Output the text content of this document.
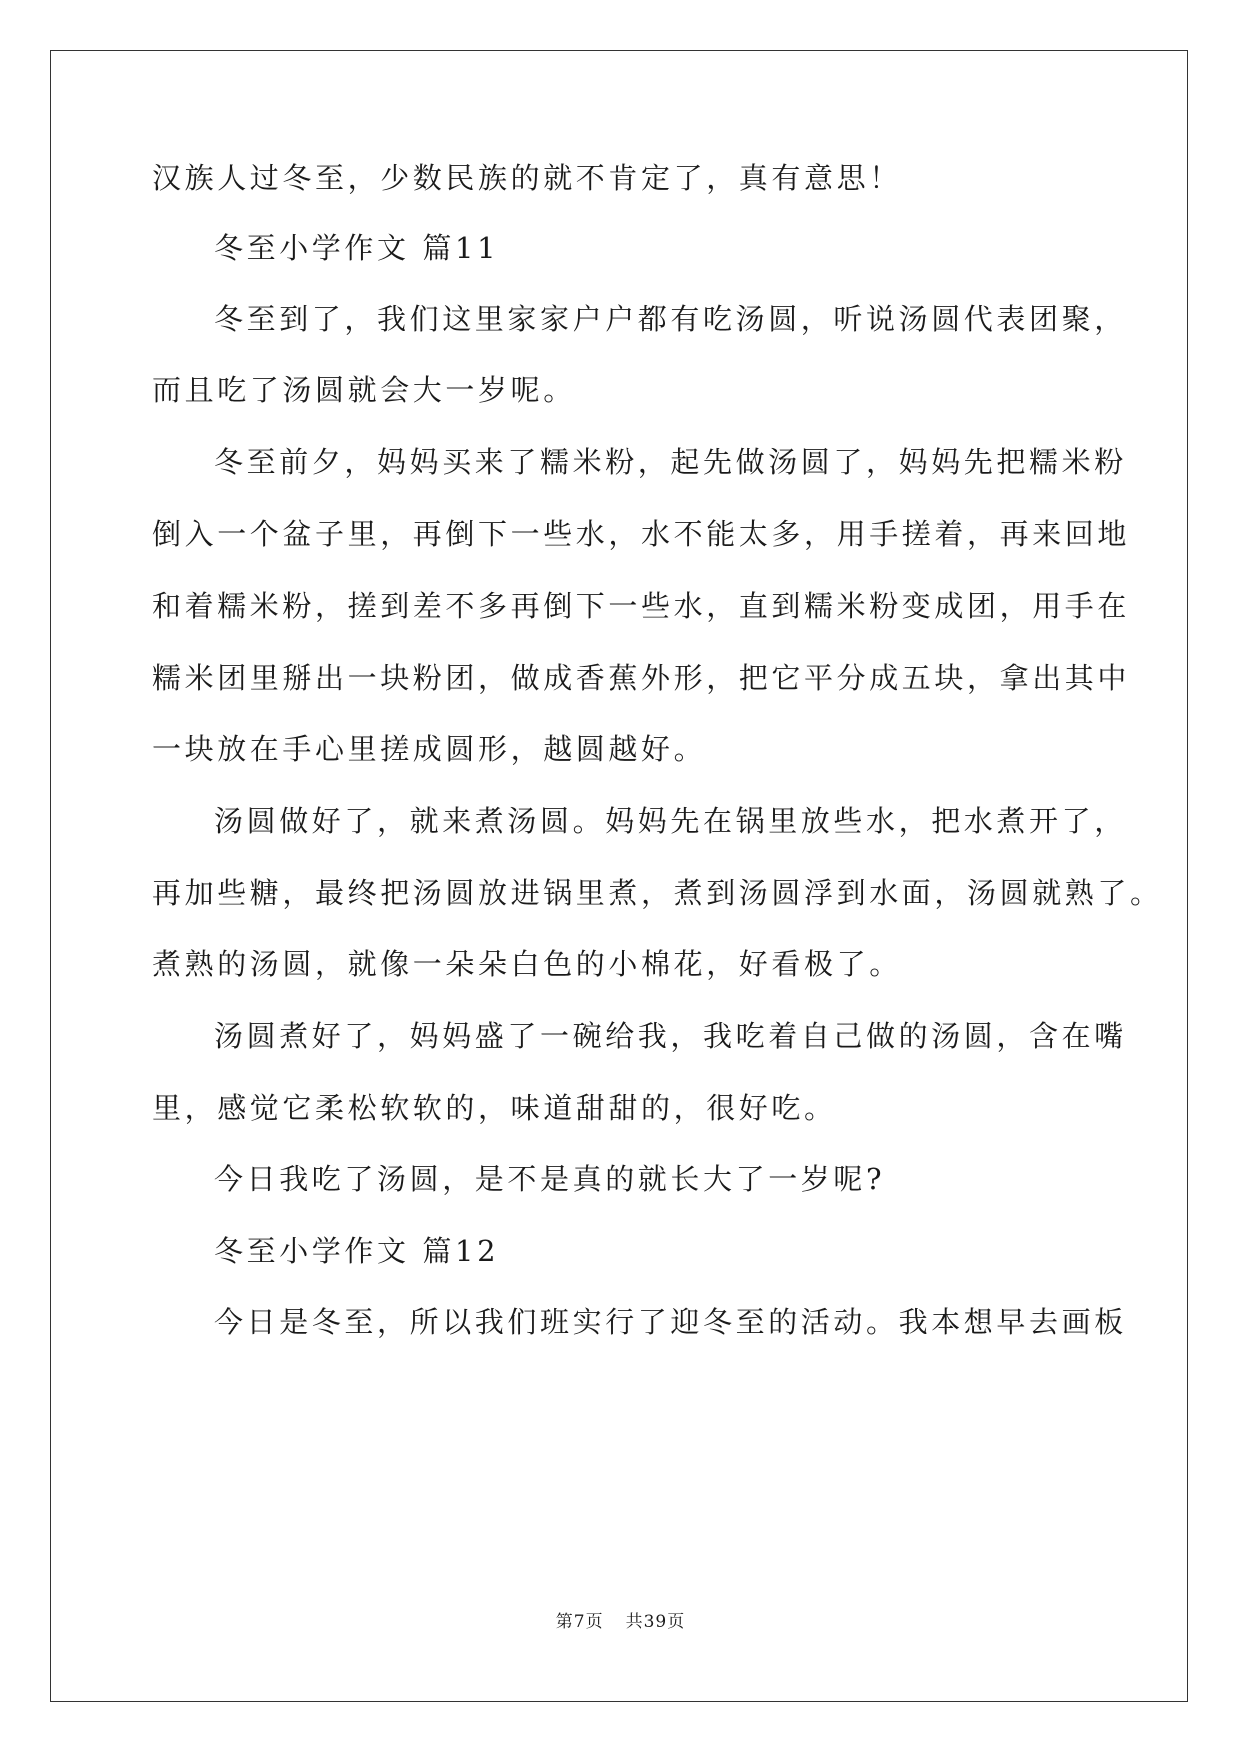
汉族人过冬至，少数民族的就不肯定了，真有意思！
冬至小学作文 篇11
冬至到了，我们这里家家户户都有吃汤圆，听说汤圆代表团聚，
而且吃了汤圆就会大一岁呢。
冬至前夕，妈妈买来了糯米粉，起先做汤圆了，妈妈先把糯米粉
倒入一个盆子里，再倒下一些水，水不能太多，用手搓着，再来回地
和着糯米粉，搓到差不多再倒下一些水，直到糯米粉变成团，用手在
糯米团里掰出一块粉团，做成香蕉外形，把它平分成五块，拿出其中
一块放在手心里搓成圆形，越圆越好。
汤圆做好了，就来煮汤圆。妈妈先在锅里放些水，把水煮开了，
再加些糖，最终把汤圆放进锅里煮，煮到汤圆浮到水面，汤圆就熟了。
煮熟的汤圆，就像一朵朵白色的小棉花，好看极了。
汤圆煮好了，妈妈盛了一碗给我，我吃着自己做的汤圆，含在嘴
里，感觉它柔松软软的，味道甜甜的，很好吃。
今日我吃了汤圆，是不是真的就长大了一岁呢?
冬至小学作文 篇12
今日是冬至，所以我们班实行了迎冬至的活动。我本想早去画板
第7页 共39页
